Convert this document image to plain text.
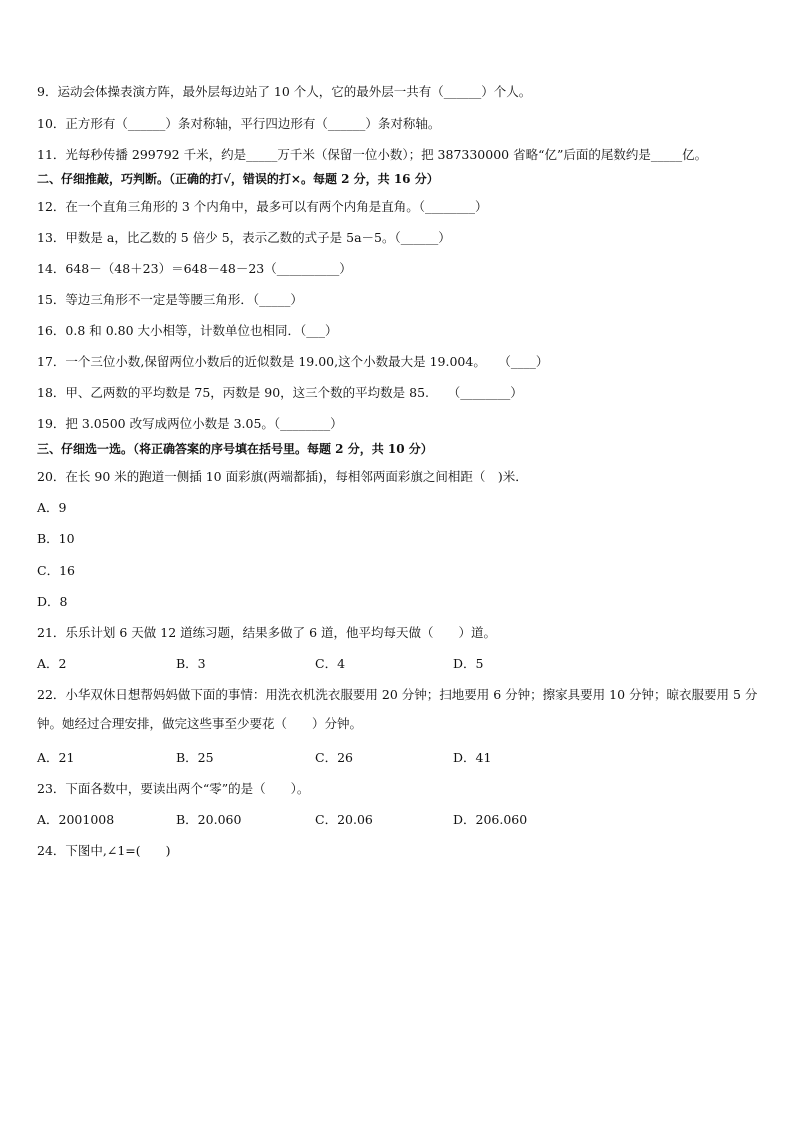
9．运动会体操表演方阵，最外层每边站了 10 个人，它的最外层一共有（______）个人。
10．正方形有（______）条对称轴，平行四边形有（______）条对称轴。
11．光每秒传播 299792 千米，约是_____万千米（保留一位小数）；把 387330000 省略“亿”后面的尾数约是_____亿。
二、仔细推敲，巧判断。（正确的打√，错误的打×。每题 2 分，共 16 分）
12．在一个直角三角形的 3 个内角中，最多可以有两个内角是直角。（________）
13．甲数是 a，比乙数的 5 倍少 5，表示乙数的式子是 5a－5。（______）
14．648－（48＋23）＝648－48－23（__________）
15．等边三角形不一定是等腰三角形．（_____）
16．0.8 和 0.80 大小相等，计数单位也相同．（___）
17．一个三位小数,保留两位小数后的近似数是 19.00,这个小数最大是 19.004。　　（____）
18．甲、乙两数的平均数是 75，丙数是 90，这三个数的平均数是 85.　　（________）
19．把 3.0500 改写成两位小数是 3.05。（________）
三、仔细选一选。（将正确答案的序号填在括号里。每题 2 分，共 10 分）
20．在长 90 米的跑道一侧插 10 面彩旗(两端都插)，每相邻两面彩旗之间相距（　)米．
A．9
B．10
C．16
D．8
21．乐乐计划 6 天做 12 道练习题，结果多做了 6 道，他平均每天做（　　）道。
A．2	B．3	C．4	D．5
22．小华双休日想帮妈妈做下面的事情：用洗衣机洗衣服要用 20 分钟；扫地要用 6 分钟；擦家具要用 10 分钟；晾衣服要用 5 分钟。她经过合理安排，做完这些事至少要花（　　）分钟。
A．21	B．25	C．26	D．41
23．下面各数中，要读出两个“零”的是（　　）。
A．2001008	B．20.060	C．20.06	D．206.060
24．下图中,∠1=(　　)
